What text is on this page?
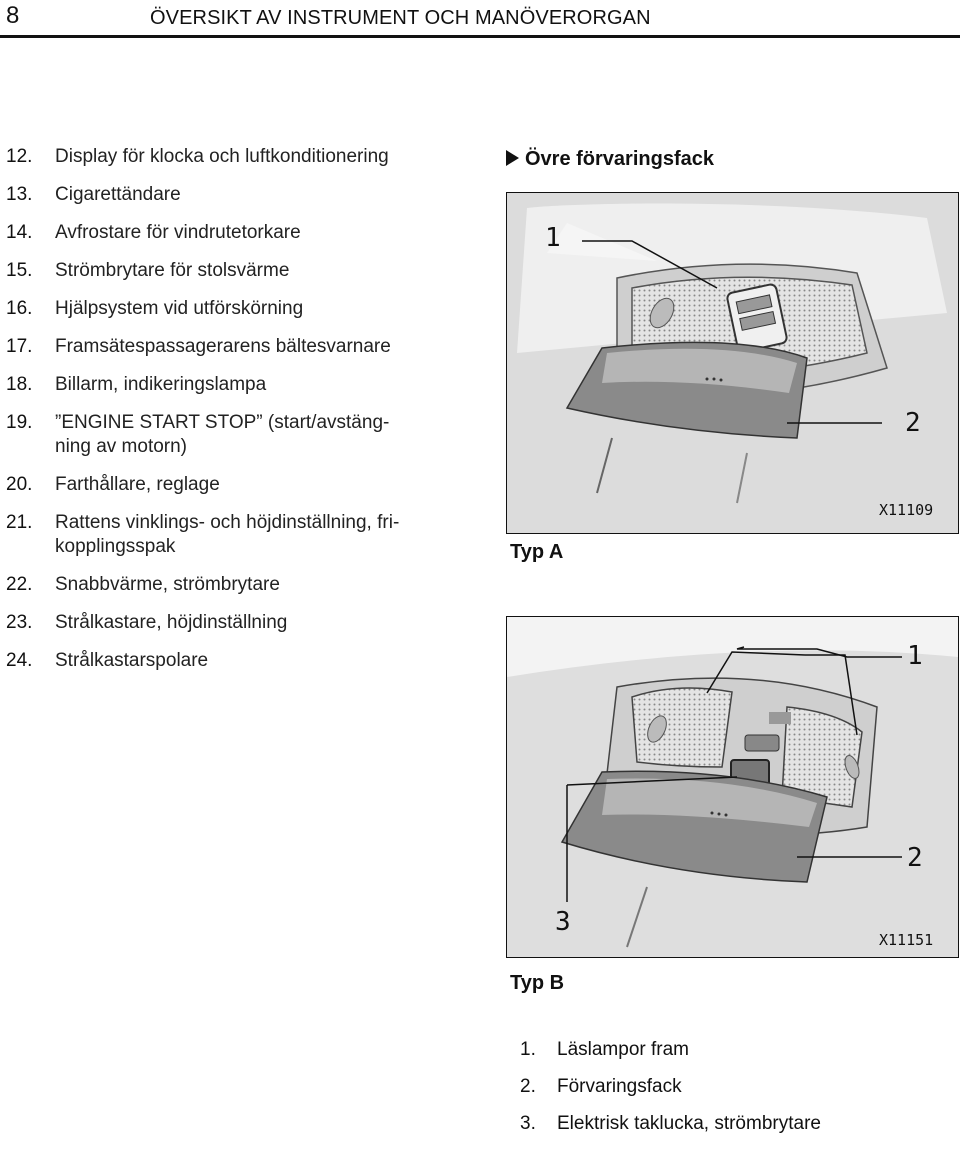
8	ÖVERSIKT AV INSTRUMENT OCH MANÖVERORGAN
12. Display för klocka och luftkonditionering
13. Cigarettändare
14. Avfrostare för vindrutetorkare
15. Strömbrytare för stolsvärme
16. Hjälpsystem vid utförskörning
17. Framsätespassagerarens bältesvarnare
18. Billarm, indikeringslampa
19. ”ENGINE START STOP” (start/avstäng-
ning av motorn)
20. Farthållare, reglage
21. Rattens vinklings- och höjdinställning, fri-
kopplingsspak
22. Snabbvärme, strömbrytare
23. Strålkastare, höjdinställning
24. Strålkastarspolare
Övre förvaringsfack
1
2
X11109
Typ A
1
2
3
X11151
Typ B
1. Läslampor fram
2. Förvaringsfack
3. Elektrisk taklucka, strömbrytare
